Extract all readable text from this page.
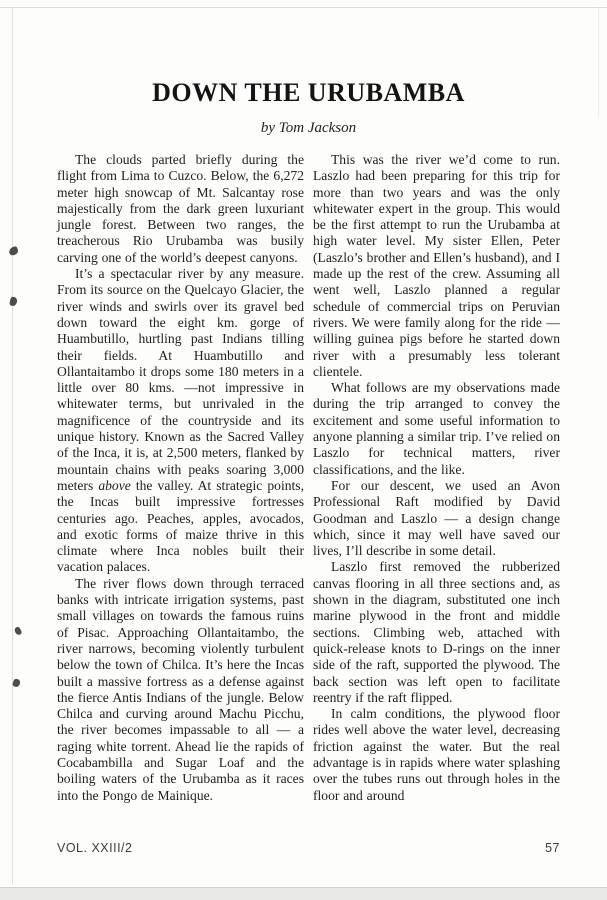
DOWN THE URUBAMBA
by Tom Jackson

The clouds parted briefly during the flight from Lima to Cuzco. Below, the 6,272 meter high snowcap of Mt. Salcantay rose majestically from the dark green luxuriant jungle forest. Between two ranges, the treacherous Rio Urubamba was busily carving one of the world’s deepest canyons.

It’s a spectacular river by any measure. From its source on the Quelcayo Glacier, the river winds and swirls over its gravel bed down toward the eight km. gorge of Huambutillo, hurtling past Indians tilling their fields. At Huambutillo and Ollantaitambo it drops some 180 meters in a little over 80 kms. —not impressive in whitewater terms, but unrivaled in the magnificence of the countryside and its unique history. Known as the Sacred Valley of the Inca, it is, at 2,500 meters, flanked by mountain chains with peaks soaring 3,000 meters above the valley. At strategic points, the Incas built impressive fortresses centuries ago. Peaches, apples, avocados, and exotic forms of maize thrive in this climate where Inca nobles built their vacation palaces.

The river flows down through terraced banks with intricate irrigation systems, past small villages on towards the famous ruins of Pisac. Approaching Ollantaitambo, the river narrows, becoming violently turbulent below the town of Chilca. It’s here the Incas built a massive fortress as a defense against the fierce Antis Indians of the jungle. Below Chilca and curving around Machu Picchu, the river becomes impassable to all — a raging white torrent. Ahead lie the rapids of Cocabambilla and Sugar Loaf and the boiling waters of the Urubamba as it races into the Pongo de Mainique.

This was the river we’d come to run. Laszlo had been preparing for this trip for more than two years and was the only whitewater expert in the group. This would be the first attempt to run the Urubamba at high water level. My sister Ellen, Peter (Laszlo’s brother and Ellen’s husband), and I made up the rest of the crew. Assuming all went well, Laszlo planned a regular schedule of commercial trips on Peruvian rivers. We were family along for the ride — willing guinea pigs before he started down river with a presumably less tolerant clientele.

What follows are my observations made during the trip arranged to convey the excitement and some useful information to anyone planning a similar trip. I’ve relied on Laszlo for technical matters, river classifications, and the like.

For our descent, we used an Avon Professional Raft modified by David Goodman and Laszlo — a design change which, since it may well have saved our lives, I’ll describe in some detail.

Laszlo first removed the rubberized canvas flooring in all three sections and, as shown in the diagram, substituted one inch marine plywood in the front and middle sections. Climbing web, attached with quick-release knots to D-rings on the inner side of the raft, supported the plywood. The back section was left open to facilitate reentry if the raft flipped.

In calm conditions, the plywood floor rides well above the water level, decreasing friction against the water. But the real advantage is in rapids where water splashing over the tubes runs out through holes in the floor and around

VOL. XXIII/2	57
